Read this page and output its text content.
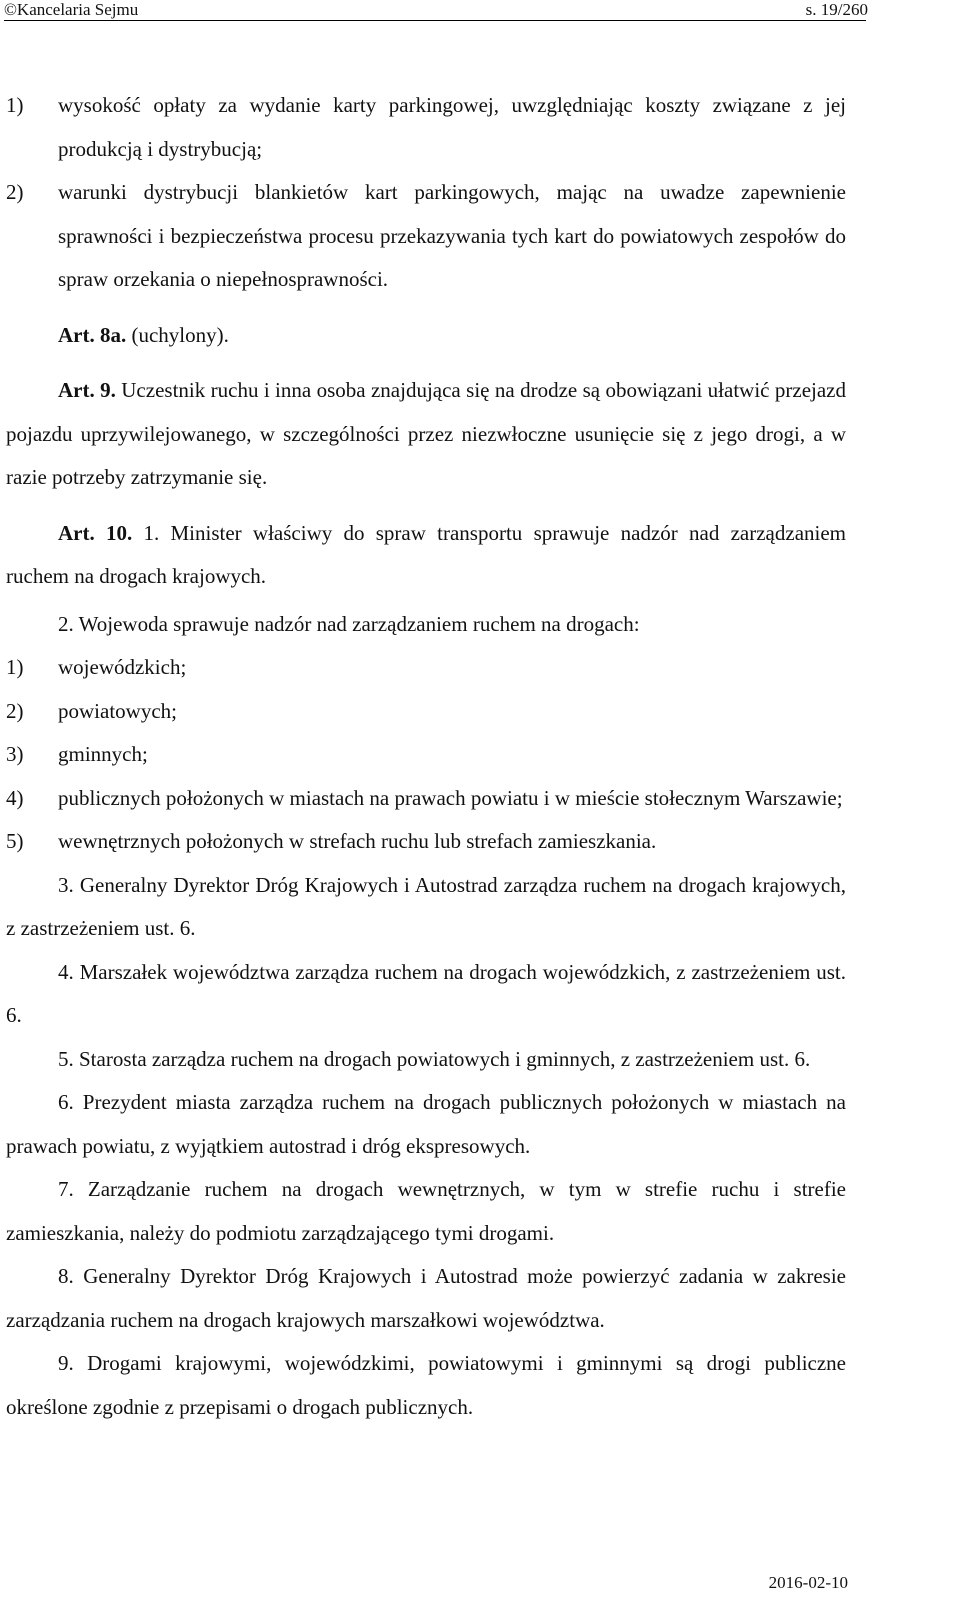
©Kancelaria Sejmu	s. 19/260
1)	wysokość opłaty za wydanie karty parkingowej, uwzględniając koszty związane z jej produkcją i dystrybucją;
2)	warunki dystrybucji blankietów kart parkingowych, mając na uwadze zapewnienie sprawności i bezpieczeństwa procesu przekazywania tych kart do powiatowych zespołów do spraw orzekania o niepełnosprawności.

Art. 8a. (uchylony).

Art. 9. Uczestnik ruchu i inna osoba znajdująca się na drodze są obowiązani ułatwić przejazd pojazdu uprzywilejowanego, w szczególności przez niezwłoczne usunięcie się z jego drogi, a w razie potrzeby zatrzymanie się.

Art. 10. 1. Minister właściwy do spraw transportu sprawuje nadzór nad zarządzaniem ruchem na drogach krajowych.

2. Wojewoda sprawuje nadzór nad zarządzaniem ruchem na drogach:

1)	wojewódzkich;
2)	powiatowych;
3)	gminnych;
4)	publicznych położonych w miastach na prawach powiatu i w mieście stołecznym Warszawie;
5)	wewnętrznych położonych w strefach ruchu lub strefach zamieszkania.

3. Generalny Dyrektor Dróg Krajowych i Autostrad zarządza ruchem na drogach krajowych, z zastrzeżeniem ust. 6.

4. Marszałek województwa zarządza ruchem na drogach wojewódzkich, z zastrzeżeniem ust. 6.

5. Starosta zarządza ruchem na drogach powiatowych i gminnych, z zastrzeżeniem ust. 6.

6. Prezydent miasta zarządza ruchem na drogach publicznych położonych w miastach na prawach powiatu, z wyjątkiem autostrad i dróg ekspresowych.

7. Zarządzanie ruchem na drogach wewnętrznych, w tym w strefie ruchu i strefie zamieszkania, należy do podmiotu zarządzającego tymi drogami.

8. Generalny Dyrektor Dróg Krajowych i Autostrad może powierzyć zadania w zakresie zarządzania ruchem na drogach krajowych marszałkowi województwa.

9. Drogami krajowymi, wojewódzkimi, powiatowymi i gminnymi są drogi publiczne określone zgodnie z przepisami o drogach publicznych.

2016-02-10
